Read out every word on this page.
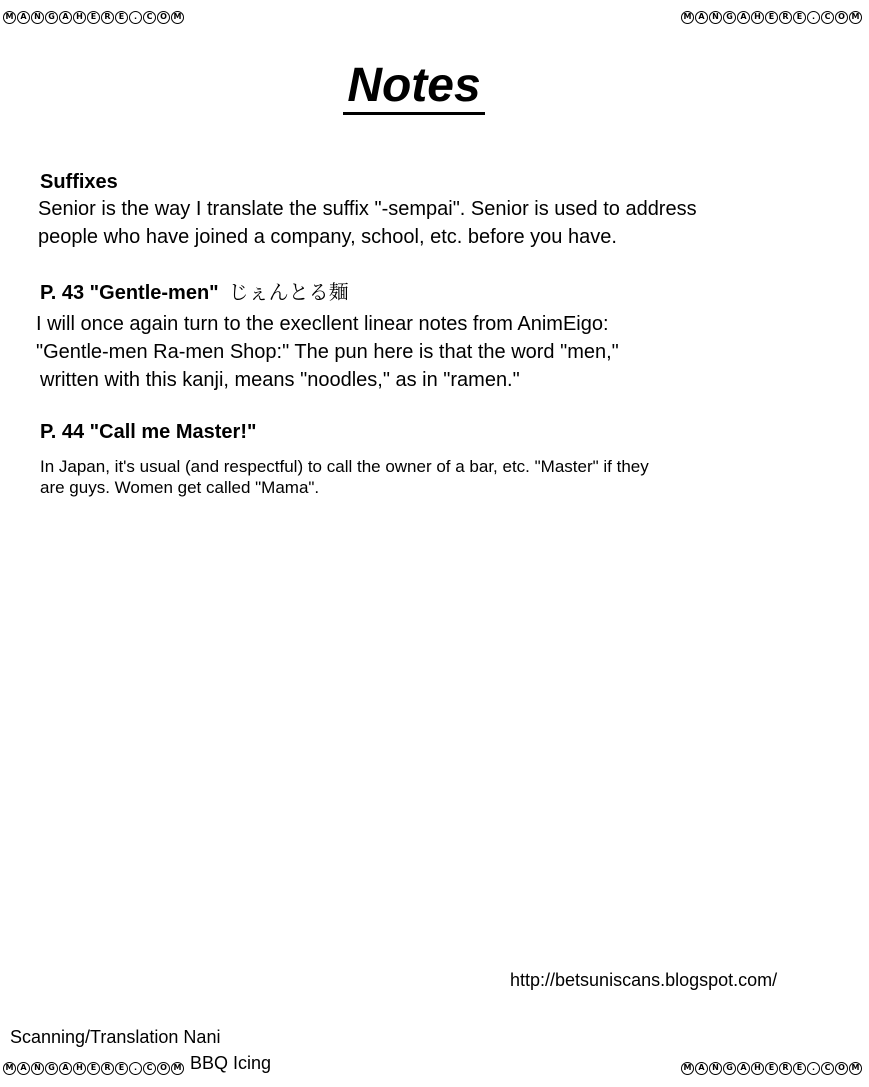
M A N G A H E	R	E	.	C O M	M A N G A H E	R	E	.	C O M
M A N G A H E	R	E	.	C O M	M A N G A H E	R	E	.	C O M
Notes
Suffixes
Senior is the way I translate the suffix "-sempai". Senior is used to address
people who have joined a company, school, etc. before you have.
P. 43 "Gentle-men" じぇんとる麺
I will once again turn to the execllent linear notes from AnimEigo:
"Gentle-men Ra-men Shop:" The pun here is that the word "men,"
written with this kanji, means "noodles," as in "ramen."
P. 44 "Call me Master!"
In Japan, it's usual (and respectful) to call the owner of a bar, etc. "Master" if they
are guys. Women get called "Mama".
http://betsuniscans.blogspot.com/
Scanning/Translation Nani
BBQ Icing
